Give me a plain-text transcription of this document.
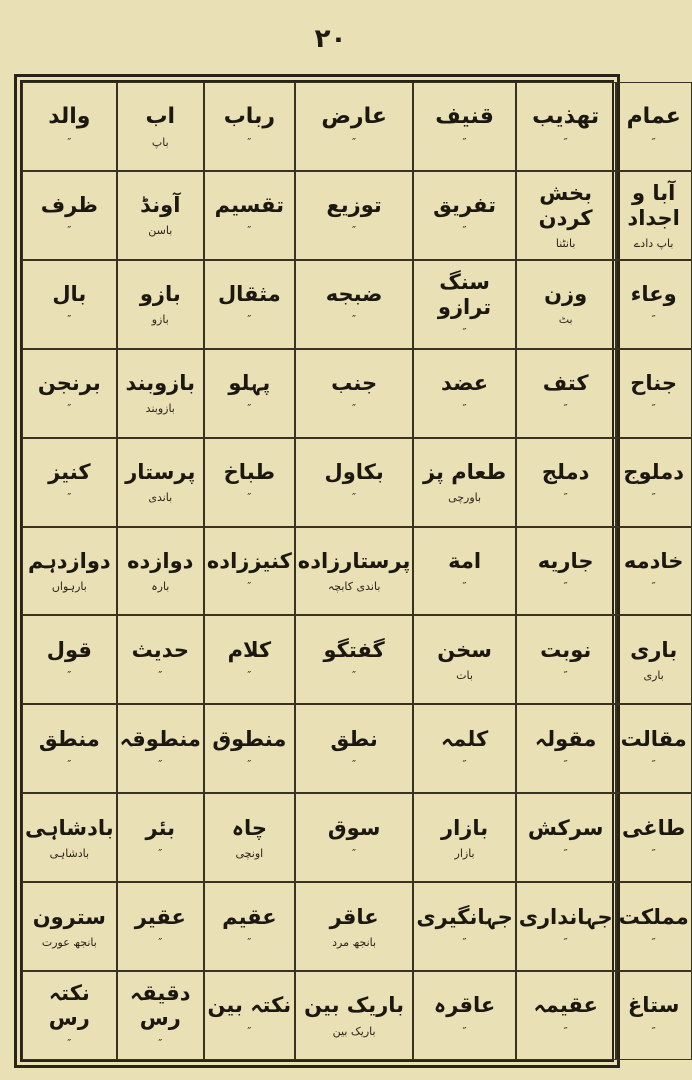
۲۰
عمام
″
تهذیب
″
قنیف
″
عارض
″
رباب
″
اب
باپ
والد
″
آبا و اجداد
باپ دادے
بخش کردن
بانٹنا
تفریق
″
توزیع
″
تقسیم
″
آونڈ
باسن
ظرف
″
وعاء
″
وزن
بٹ
سنگ ترازو
″
ضبجه
″
مثقال
″
بازو
بازو
بال
″
جناح
″
کتف
″
عضد
″
جنب
″
پہلو
″
بازوبند
بازوبند
برنجن
″
دملوج
″
دملج
″
طعام پز
باورچی
بکاول
″
طباخ
″
پرستار
باندی
کنیز
″
خادمه
″
جاریه
″
امة
″
پرستارزاده
باندی کابچہ
کنیززاده
″
دوازده
بارہ
دوازدہم
بارہواں
باری
باری
نوبت
″
سخن
بات
گفتگو
″
کلام
″
حدیث
″
قول
″
مقالت
″
مقولہ
″
کلمہ
″
نطق
″
منطوق
″
منطوقہ
″
منطق
″
طاغی
″
سرکش
″
بازار
بازار
سوق
″
چاہ
اونچی
بئر
″
بادشاہی
بادشاہی
مملکت
″
جہانداری
″
جہانگیری
″
عاقر
بانجھ مرد
عقیم
″
عقیر
″
سترون
بانجھ عورت
ستاغ
″
عقیمہ
″
عاقرہ
″
باریک بین
باریک بین
نکتہ بین
″
دقیقہ رس
″
نکتہ رس
″
